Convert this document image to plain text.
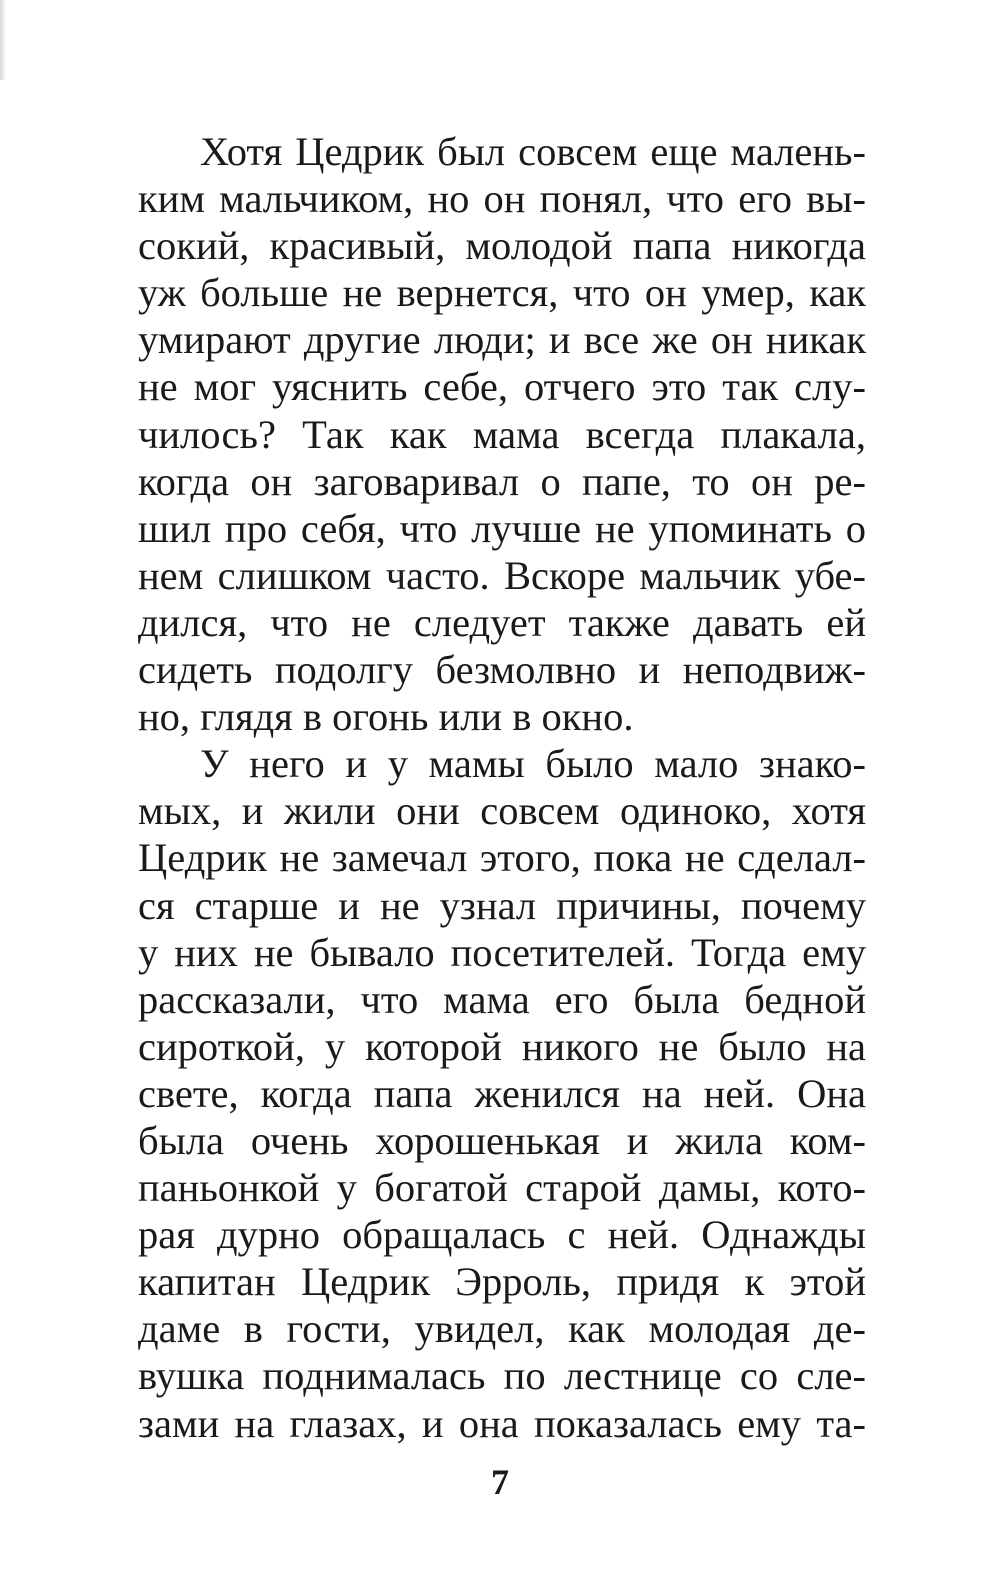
Хотя Цедрик был совсем еще малень-
ким мальчиком, но он понял, что его вы-
сокий, красивый, молодой папа никогда
уж больше не вернется, что он умер, как
умирают другие люди; и все же он никак
не мог уяснить себе, отчего это так слу-
чилось? Так как мама всегда плакала,
когда он заговаривал о папе, то он ре-
шил про себя, что лучше не упоминать о
нем слишком часто. Вскоре мальчик убе-
дился, что не следует также давать ей
сидеть подолгу безмолвно и неподвиж-
но, глядя в огонь или в окно.
У него и у мамы было мало знако-
мых, и жили они совсем одиноко, хотя
Цедрик не замечал этого, пока не сделал-
ся старше и не узнал причины, почему
у них не бывало посетителей. Тогда ему
рассказали, что мама его была бедной
сироткой, у которой никого не было на
свете, когда папа женился на ней. Она
была очень хорошенькая и жила ком-
паньонкой у богатой старой дамы, кото-
рая дурно обращалась с ней. Однажды
капитан Цедрик Эрроль, придя к этой
даме в гости, увидел, как молодая де-
вушка поднималась по лестнице со сле-
зами на глазах, и она показалась ему та-
7
